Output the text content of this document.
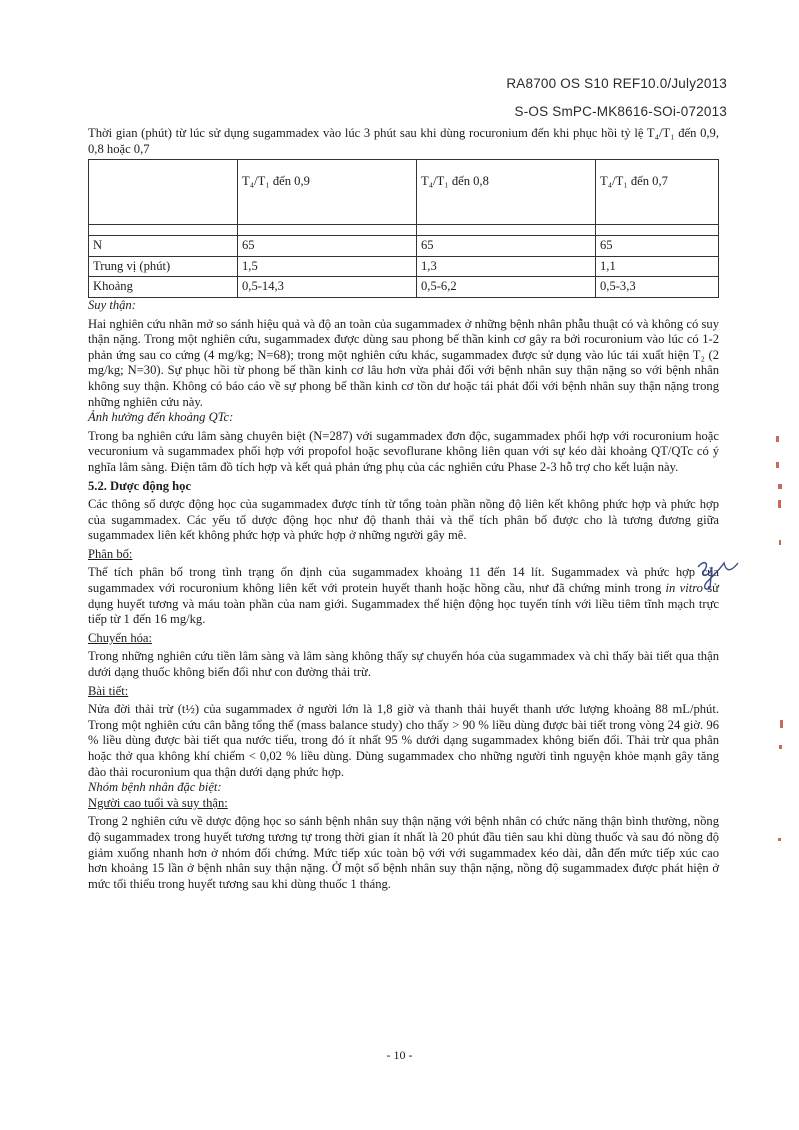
RA8700 OS S10 REF10.0/July2013
S-OS SmPC-MK8616-SOi-072013

Thời gian (phút) từ lúc sử dụng sugammadex vào lúc 3 phút sau khi dùng rocuronium đến khi phục hồi tỷ lệ T₄/T₁ đến 0,9, 0,8 hoặc 0,7

	T₄/T₁ đến 0,9	T₄/T₁ đến 0,8	T₄/T₁ đến 0,7

N	65	65	65
Trung vị (phút)	1,5	1,3	1,1
Khoảng	0,5-14,3	0,5-6,2	0,5-3,3

Suy thận:

Hai nghiên cứu nhãn mở so sánh hiệu quả và độ an toàn của sugammadex ở những bệnh nhân phẫu thuật có và không có suy thận nặng. Trong một nghiên cứu, sugammadex được dùng sau phong bế thần kinh cơ gây ra bởi rocuronium vào lúc có 1-2 phản ứng sau co cứng (4 mg/kg; N=68); trong một nghiên cứu khác, sugammadex được sử dụng vào lúc tái xuất hiện T₂ (2 mg/kg; N=30). Sự phục hồi từ phong bế thần kinh cơ lâu hơn vừa phải đối với bệnh nhân suy thận nặng so với bệnh nhân không suy thận. Không có báo cáo về sự phong bế thần kinh cơ tồn dư hoặc tái phát đối với bệnh nhân suy thận nặng trong những nghiên cứu này.

Ảnh hưởng đến khoảng QTc:

Trong ba nghiên cứu lâm sàng chuyên biệt (N=287) với sugammadex đơn độc, sugammadex phối hợp với rocuronium hoặc vecuronium và sugammadex phối hợp với propofol hoặc sevoflurane không liên quan với sự kéo dài khoảng QT/QTc có ý nghĩa lâm sàng. Điện tâm đồ tích hợp và kết quả phản ứng phụ của các nghiên cứu Phase 2-3 hỗ trợ cho kết luận này.

5.2. Dược động học

Các thông số dược động học của sugammadex được tính từ tổng toàn phần nồng độ liên kết không phức hợp và phức hợp của sugammadex. Các yếu tố dược động học như độ thanh thải và thể tích phân bố được cho là tương đương giữa sugammadex liên kết không phức hợp và phức hợp ở những người gây mê.

Phân bố:

Thể tích phân bố trong tình trạng ổn định của sugammadex khoảng 11 đến 14 lít. Sugammadex và phức hợp của sugammadex với rocuronium không liên kết với protein huyết thanh hoặc hồng cầu, như đã chứng minh trong in vitro sử dụng huyết tương và máu toàn phần của nam giới. Sugammadex thể hiện động học tuyến tính với liều tiêm tĩnh mạch trực tiếp từ 1 đến 16 mg/kg.

Chuyển hóa:

Trong những nghiên cứu tiền lâm sàng và lâm sàng không thấy sự chuyển hóa của sugammadex và chỉ thấy bài tiết qua thận dưới dạng thuốc không biến đổi như con đường thải trừ.

Bài tiết:

Nửa đời thải trừ (t½) của sugammadex ở người lớn là 1,8 giờ và thanh thải huyết thanh ước lượng khoảng 88 mL/phút. Trong một nghiên cứu cân bằng tổng thể (mass balance study) cho thấy > 90 % liều dùng được bài tiết trong vòng 24 giờ. 96 % liều dùng được bài tiết qua nước tiểu, trong đó ít nhất 95 % dưới dạng sugammadex không biến đổi. Thải trừ qua phân hoặc thở qua không khí chiếm < 0,02 % liều dùng. Dùng sugammadex cho những người tình nguyện khỏe mạnh gây tăng đào thải rocuronium qua thận dưới dạng phức hợp.

Nhóm bệnh nhân đặc biệt:

Người cao tuổi và suy thận:

Trong 2 nghiên cứu về dược động học so sánh bệnh nhân suy thận nặng với bệnh nhân có chức năng thận bình thường, nồng độ sugammadex trong huyết tương tương tự trong thời gian ít nhất là 20 phút đầu tiên sau khi dùng thuốc và sau đó nồng độ giảm xuống nhanh hơn ở nhóm đối chứng. Mức tiếp xúc toàn bộ với với sugammadex kéo dài, dẫn đến mức tiếp xúc cao hơn khoảng 15 lần ở bệnh nhân suy thận nặng. Ở một số bệnh nhân suy thận nặng, nồng độ sugammadex được phát hiện ở mức tối thiểu trong huyết tương sau khi dùng thuốc 1 tháng.

- 10 -
